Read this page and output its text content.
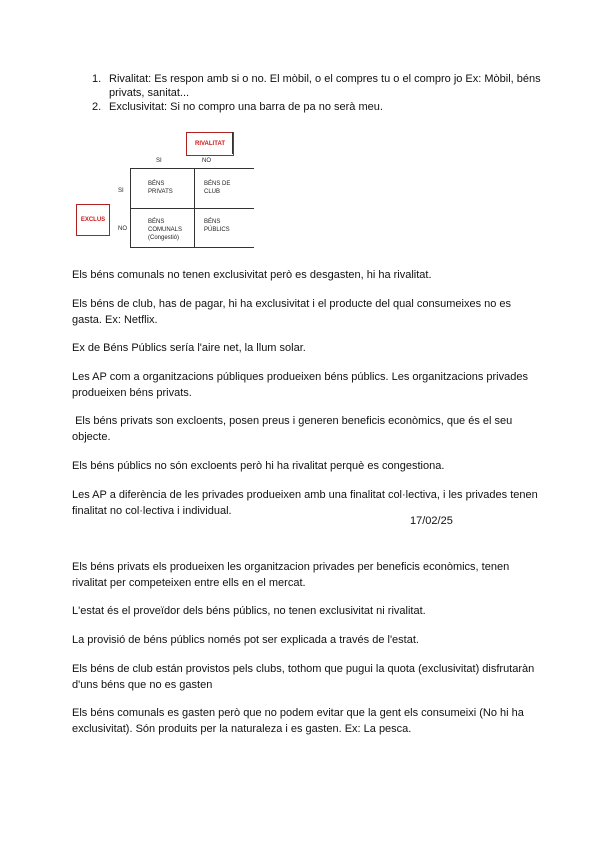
1. Rivalitat: Es respon amb si o no. El mòbil, o el compres tu o el compro jo Ex: Mòbil, béns privats, sanitat...
2. Exclusivitat: Si no compro una barra de pa no serà meu.
RIVALITAT
EXCLUS
SI	NO
SI
NO
BÉNS
PRIVATS
BÉNS DE
CLUB
BÉNS
COMUNALS
(Congestió)
BÉNS
PÚBLICS

Els béns comunals no tenen exclusivitat però es desgasten, hi ha rivalitat.

Els béns de club, has de pagar, hi ha exclusivitat i el producte del qual consumeixes no es gasta. Ex: Netflix.

Ex de Béns Públics sería l'aire net, la llum solar.

Les AP com a organitzacions públiques produeixen béns públics. Les organitzacions privades produeixen béns privats.

Els béns privats son excloents, posen preus i generen beneficis econòmics, que és el seu objecte.

Els béns públics no són excloents però hi ha rivalitat perquè es congestiona.

Les AP a diferència de les privades produeixen amb una finalitat col·lectiva, i les privades tenen finalitat no col·lectiva i individual.

17/02/25

Els béns privats els produeixen les organitzacion privades per beneficis econòmics, tenen rivalitat per competeixen entre ells en el mercat.

L'estat és el proveïdor dels béns públics, no tenen exclusivitat ni rivalitat.

La provisió de béns públics només pot ser explicada a través de l'estat.

Els béns de club están provistos pels clubs, tothom que pugui la quota (exclusivitat) disfrutaràn d'uns béns que no es gasten

Els béns comunals es gasten però que no podem evitar que la gent els consumeixi (No hi ha exclusivitat). Són produits per la naturaleza i es gasten. Ex: La pesca.
